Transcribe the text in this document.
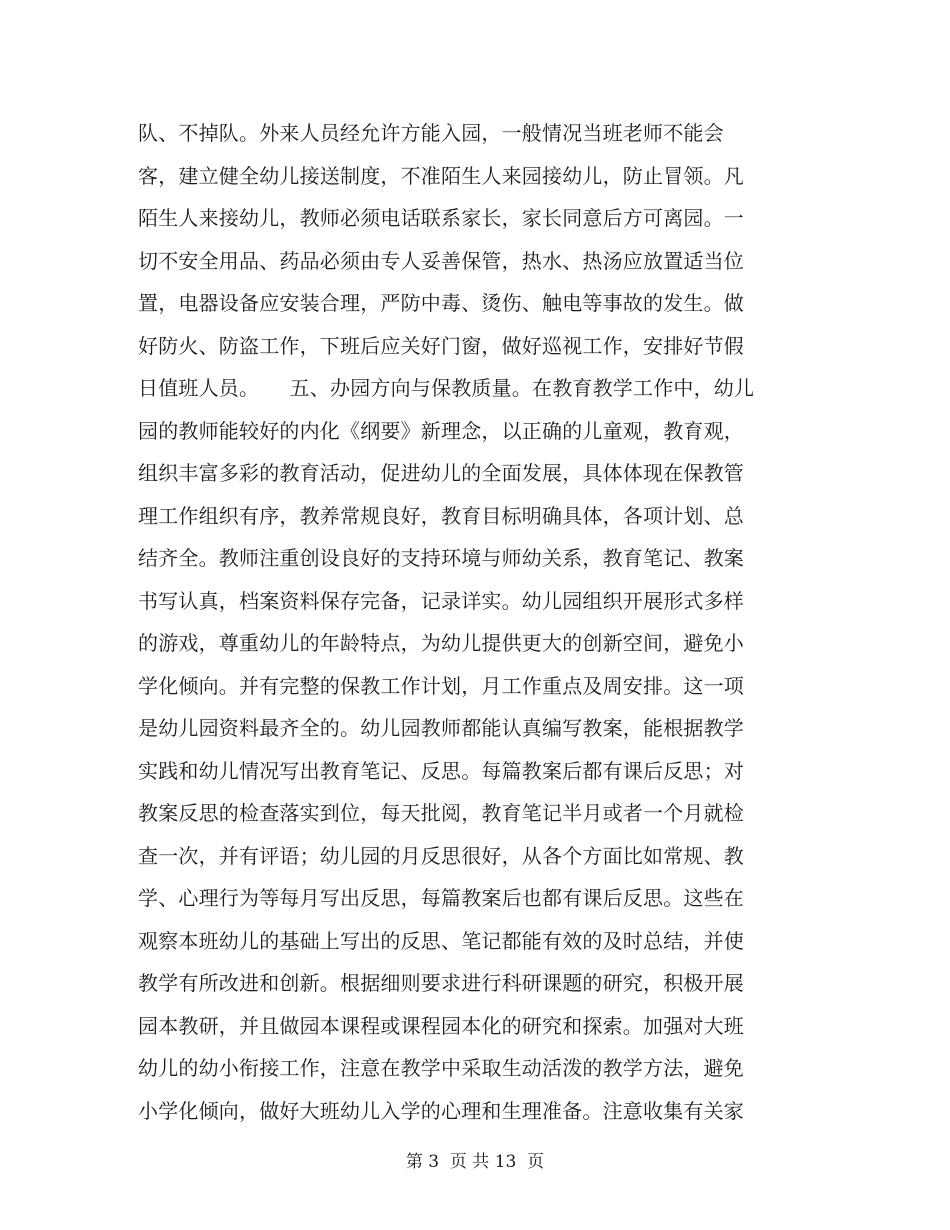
队、不掉队。外来人员经允许方能入园，一般情况当班老师不能会
客，建立健全幼儿接送制度，不准陌生人来园接幼儿，防止冒领。凡
陌生人来接幼儿，教师必须电话联系家长，家长同意后方可离园。一
切不安全用品、药品必须由专人妥善保管，热水、热汤应放置适当位
置，电器设备应安装合理，严防中毒、烫伤、触电等事故的发生。做
好防火、防盗工作，下班后应关好门窗，做好巡视工作，安排好节假
日值班人员。　　五、办园方向与保教质量。在教育教学工作中，幼儿
园的教师能较好的内化《纲要》新理念，以正确的儿童观，教育观，
组织丰富多彩的教育活动，促进幼儿的全面发展，具体体现在保教管
理工作组织有序，教养常规良好，教育目标明确具体，各项计划、总
结齐全。教师注重创设良好的支持环境与师幼关系，教育笔记、教案
书写认真，档案资料保存完备，记录详实。幼儿园组织开展形式多样
的游戏，尊重幼儿的年龄特点，为幼儿提供更大的创新空间，避免小
学化倾向。并有完整的保教工作计划，月工作重点及周安排。这一项
是幼儿园资料最齐全的。幼儿园教师都能认真编写教案，能根据教学
实践和幼儿情况写出教育笔记、反思。每篇教案后都有课后反思；对
教案反思的检查落实到位，每天批阅，教育笔记半月或者一个月就检
查一次，并有评语；幼儿园的月反思很好，从各个方面比如常规、教
学、心理行为等每月写出反思，每篇教案后也都有课后反思。这些在
观察本班幼儿的基础上写出的反思、笔记都能有效的及时总结，并使
教学有所改进和创新。根据细则要求进行科研课题的研究，积极开展
园本教研，并且做园本课程或课程园本化的研究和探索。加强对大班
幼儿的幼小衔接工作，注意在教学中采取生动活泼的教学方法，避免
小学化倾向，做好大班幼儿入学的心理和生理准备。注意收集有关家
第 3  页 共 13  页
